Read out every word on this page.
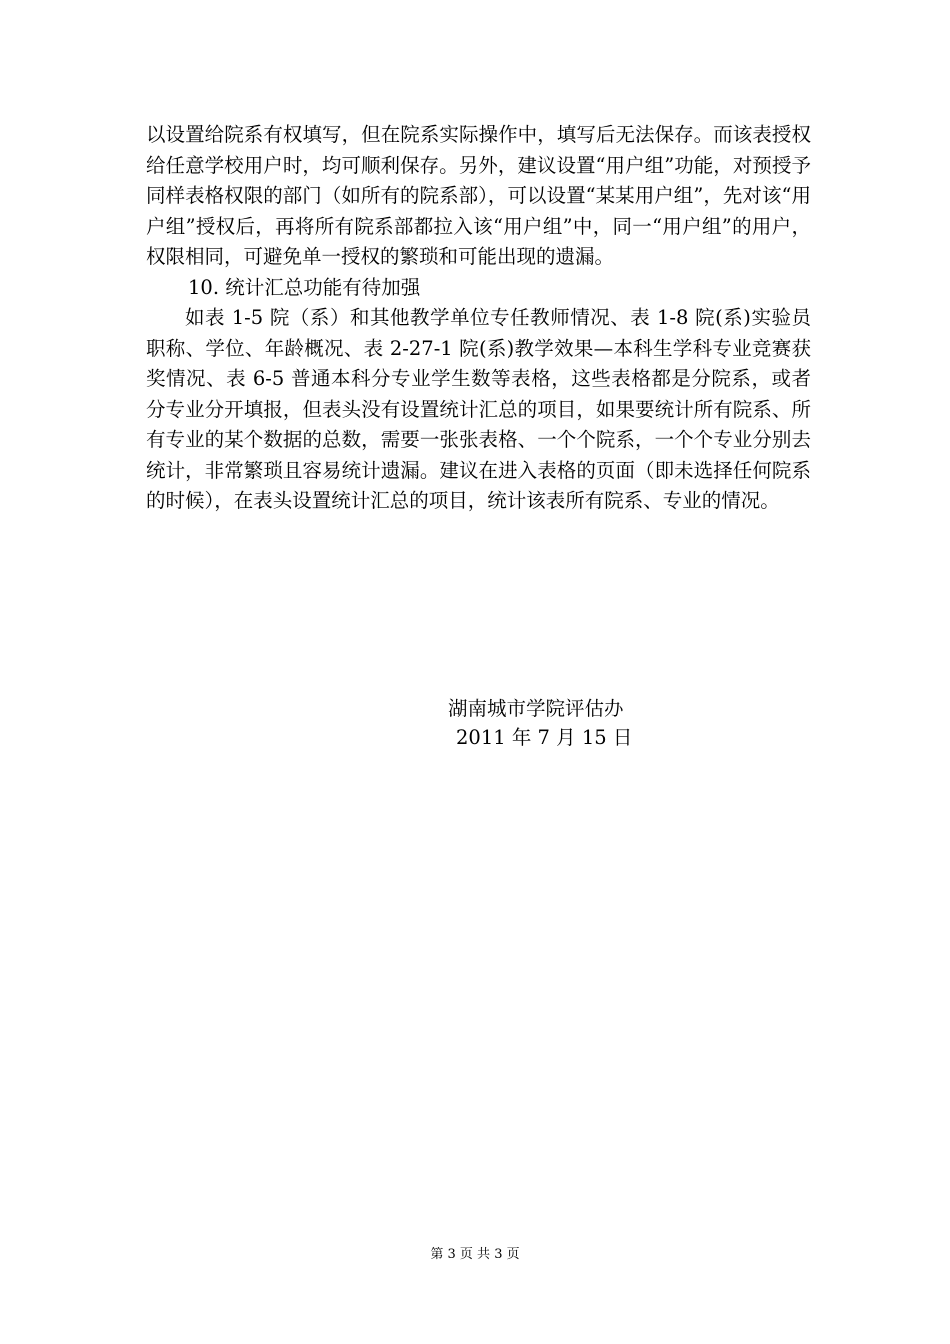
以设置给院系有权填写，但在院系实际操作中，填写后无法保存。而该表授权给任意学校用户时，均可顺利保存。另外，建议设置“用户组”功能，对预授予同样表格权限的部门（如所有的院系部），可以设置“某某用户组”，先对该“用户组”授权后，再将所有院系部都拉入该“用户组”中，同一“用户组”的用户，权限相同，可避免单一授权的繁琐和可能出现的遗漏。

10. 统计汇总功能有待加强

如表 1-5 院（系）和其他教学单位专任教师情况、表 1-8 院(系)实验员职称、学位、年龄概况、表 2-27-1 院(系)教学效果—本科生学科专业竞赛获奖情况、表 6-5 普通本科分专业学生数等表格，这些表格都是分院系，或者分专业分开填报，但表头没有设置统计汇总的项目，如果要统计所有院系、所有专业的某个数据的总数，需要一张张表格、一个个院系，一个个专业分别去统计，非常繁琐且容易统计遗漏。建议在进入表格的页面（即未选择任何院系的时候），在表头设置统计汇总的项目，统计该表所有院系、专业的情况。

湖南城市学院评估办
2011 年 7 月 15 日
第 3 页 共 3 页
